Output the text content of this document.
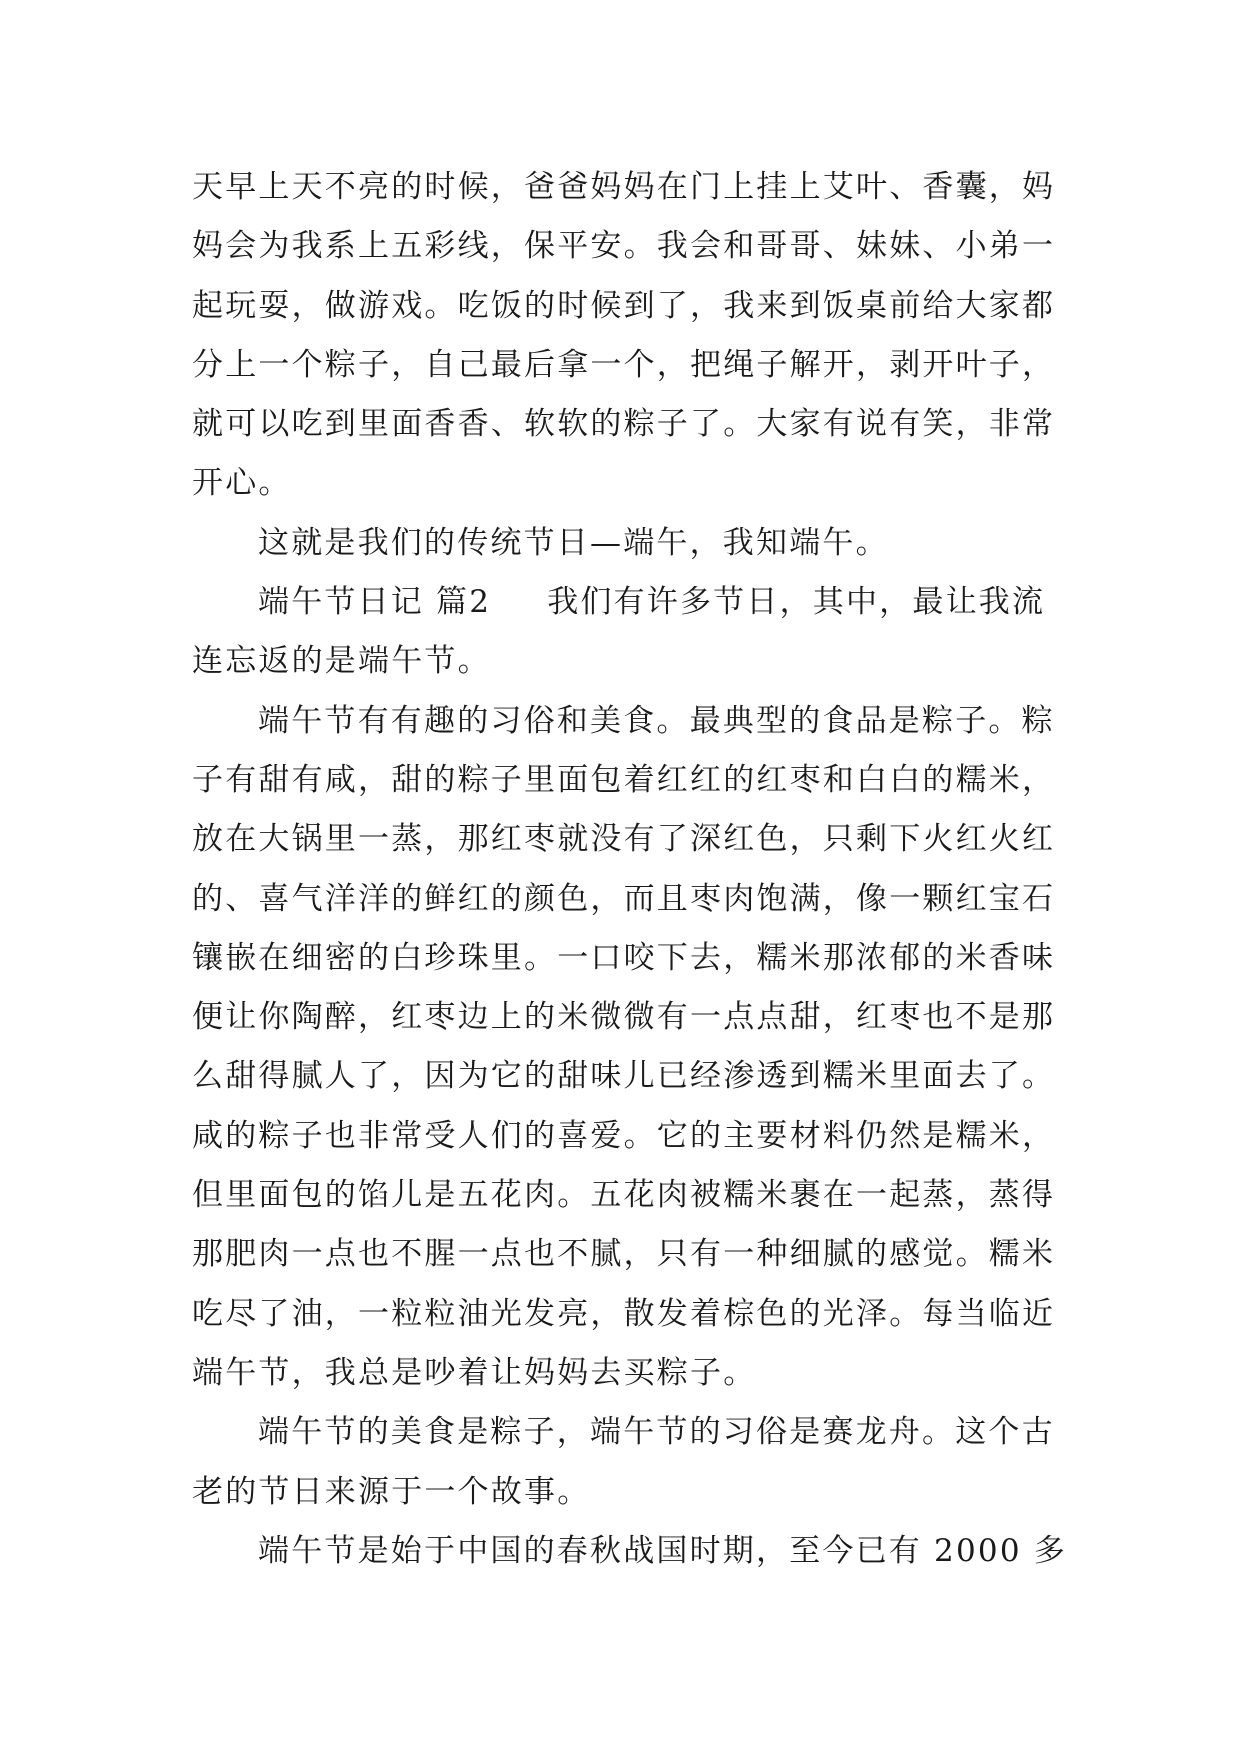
天早上天不亮的时候，爸爸妈妈在门上挂上艾叶、香囊，妈
妈会为我系上五彩线，保平安。我会和哥哥、妹妹、小弟一
起玩耍，做游戏。吃饭的时候到了，我来到饭桌前给大家都
分上一个粽子，自己最后拿一个，把绳子解开，剥开叶子，
就可以吃到里面香香、软软的粽子了。大家有说有笑，非常
开心。
这就是我们的传统节日—端午，我知端午。
端午节日记 篇2 我们有许多节日，其中，最让我流
连忘返的是端午节。
端午节有有趣的习俗和美食。最典型的食品是粽子。粽
子有甜有咸，甜的粽子里面包着红红的红枣和白白的糯米，
放在大锅里一蒸，那红枣就没有了深红色，只剩下火红火红
的、喜气洋洋的鲜红的颜色，而且枣肉饱满，像一颗红宝石
镶嵌在细密的白珍珠里。一口咬下去，糯米那浓郁的米香味
便让你陶醉，红枣边上的米微微有一点点甜，红枣也不是那
么甜得腻人了，因为它的甜味儿已经渗透到糯米里面去了。
咸的粽子也非常受人们的喜爱。它的主要材料仍然是糯米，
但里面包的馅儿是五花肉。五花肉被糯米裹在一起蒸，蒸得
那肥肉一点也不腥一点也不腻，只有一种细腻的感觉。糯米
吃尽了油，一粒粒油光发亮，散发着棕色的光泽。每当临近
端午节，我总是吵着让妈妈去买粽子。
端午节的美食是粽子，端午节的习俗是赛龙舟。这个古
老的节日来源于一个故事。
端午节是始于中国的春秋战国时期，至今已有 2000 多
